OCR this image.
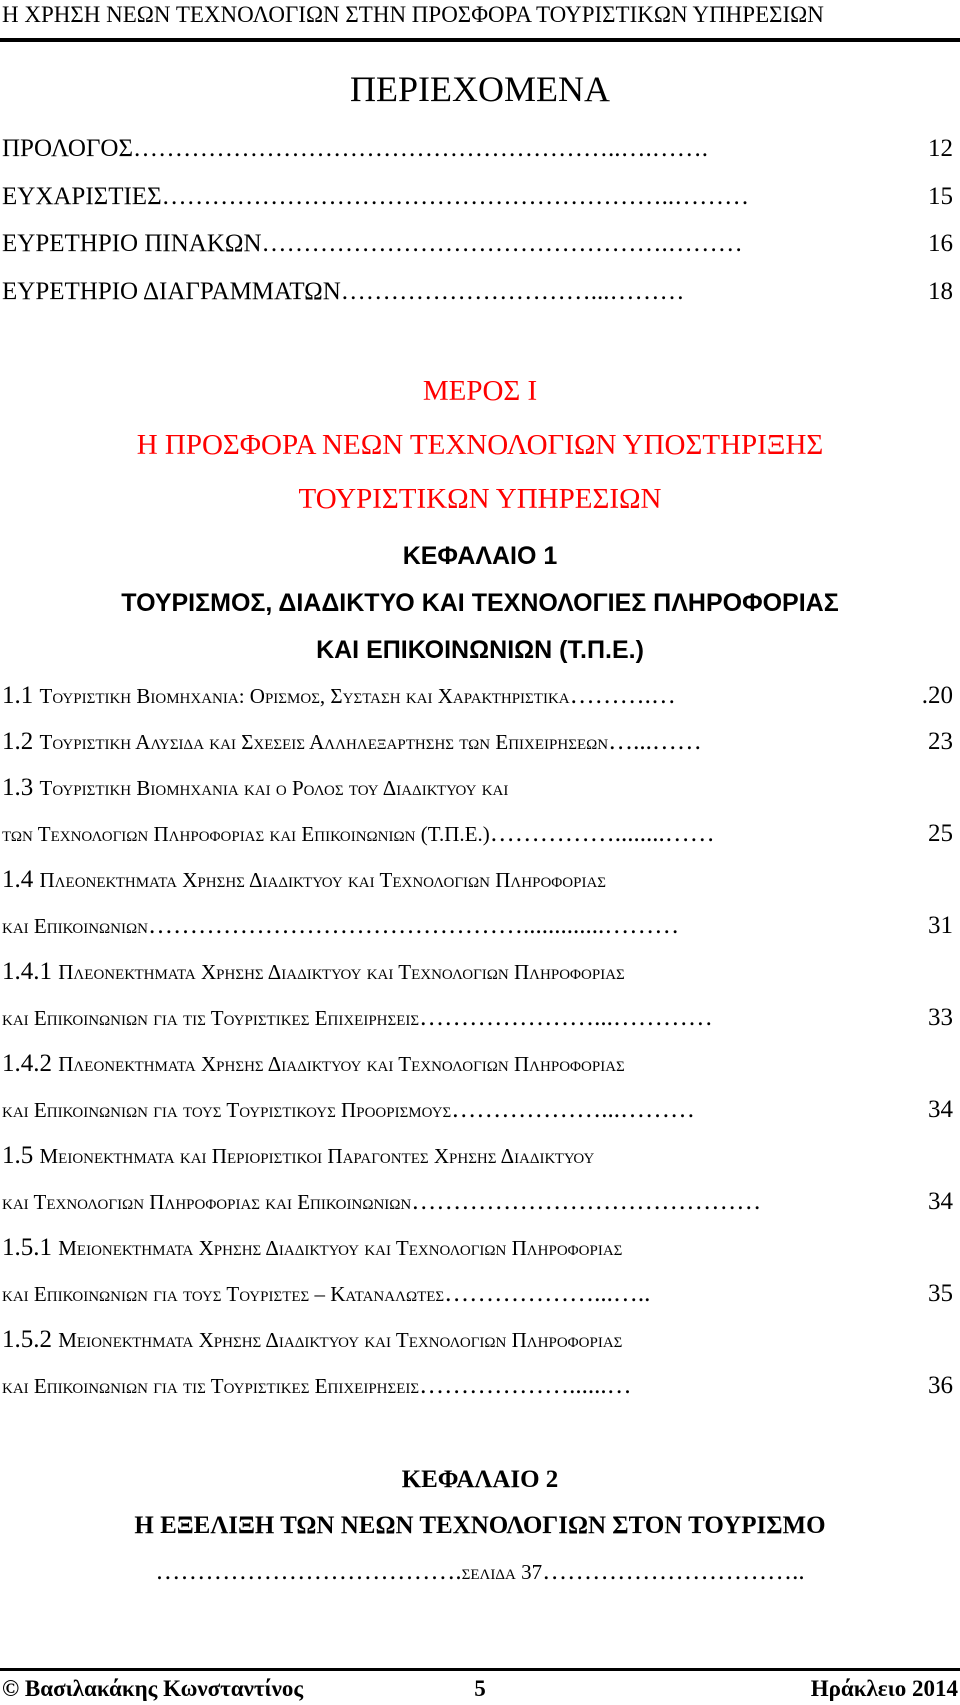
Η ΧΡΗΣΗ ΝΕΩΝ ΤΕΧΝΟΛΟΓΙΩΝ ΣΤΗΝ ΠΡΟΣΦΟΡΑ ΤΟΥΡΙΣΤΙΚΩΝ ΥΠΗΡΕΣΙΩΝ
ΠΕΡΙΕΧΟΜΕΝΑ
ΠΡΟΛΟΓΟΣ …………………………………………………..….…….	12
ΕΥΧΑΡΙΣΤΙΕΣ ……………………………………………………..………	15
ΕΥΡΕΤΗΡΙΟ ΠΙΝΑΚΩΝ ………………………………………….………	16
ΕΥΡΕΤΗΡΙΟ ΔΙΑΓΡΑΜΜΑΤΩΝ …………………………...………	18
ΜΕΡΟΣ Ι
Η ΠΡΟΣΦΟΡΑ ΝΕΩΝ ΤΕΧΝΟΛΟΓΙΩΝ ΥΠΟΣΤΗΡΙΞΗΣ
ΤΟΥΡΙΣΤΙΚΩΝ ΥΠΗΡΕΣΙΩΝ
ΚΕΦΑΛΑΙΟ 1
ΤΟΥΡΙΣΜΟΣ, ΔΙΑΔΙΚΤΥΟ ΚΑΙ ΤΕΧΝΟΛΟΓΙΕΣ ΠΛΗΡΟΦΟΡΙΑΣ
ΚΑΙ ΕΠΙΚΟΙΝΩΝΙΩΝ (Τ.Π.Ε.)
1.1 Τουριστικη Βιομηχανια: Ορισμος, Συσταση και Χαρακτηριστικα ……….…	.20
1.2 Τουριστικη Αλυσιδα και Σχεσεις Αλληλεξαρτησης των Επιχειρησεων …...……	23
1.3 Τουριστικη Βιομηχανια και ο Ρολος του Διαδικτυου και
των Τεχνολογιων Πληροφοριας και Επικοινωνιων (Τ.Π.Ε.) ……………........……	25
1.4 Πλεονεκτηματα Χρησης Διαδικτυου και Τεχνολογιων Πληροφοριας
και Επικοινωνιων ……………………………………….............………	31
1.4.1 Πλεονεκτηματα Χρησης Διαδικτυου και Τεχνολογιων Πληροφοριας
και Επικοινωνιων για τις Τουριστικες Επιχειρησεις …………………...…………	33
1.4.2 Πλεονεκτηματα Χρησης Διαδικτυου και Τεχνολογιων Πληροφοριας
και Επικοινωνιων για τους Τουριστικους Προορισμους ………………...………	34
1.5 Μειονεκτηματα και Περιοριστικοι Παραγοντες Χρησης Διαδικτυου
και Τεχνολογιων Πληροφοριας και Επικοινωνιων ……………………………………	34
1.5.1 Μειονεκτηματα Χρησης Διαδικτυου και Τεχνολογιων Πληροφοριας
και Επικοινωνιων για τους Τουριστες – Καταναλωτες ………………...…..	35
1.5.2 Μειονεκτηματα Χρησης Διαδικτυου και Τεχνολογιων Πληροφοριας
και Επικοινωνιων για τις Τουριστικες Επιχειρησεις ………………......…	36
ΚΕΦΑΛΑΙΟ 2
Η ΕΞΕΛΙΞΗ ΤΩΝ ΝΕΩΝ ΤΕΧΝΟΛΟΓΙΩΝ ΣΤΟΝ ΤΟΥΡΙΣΜΟ
……………………………….σελιδα 37…………………………..
© Βασιλακάκης Κωνσταντίνος	5	Ηράκλειο 2014
